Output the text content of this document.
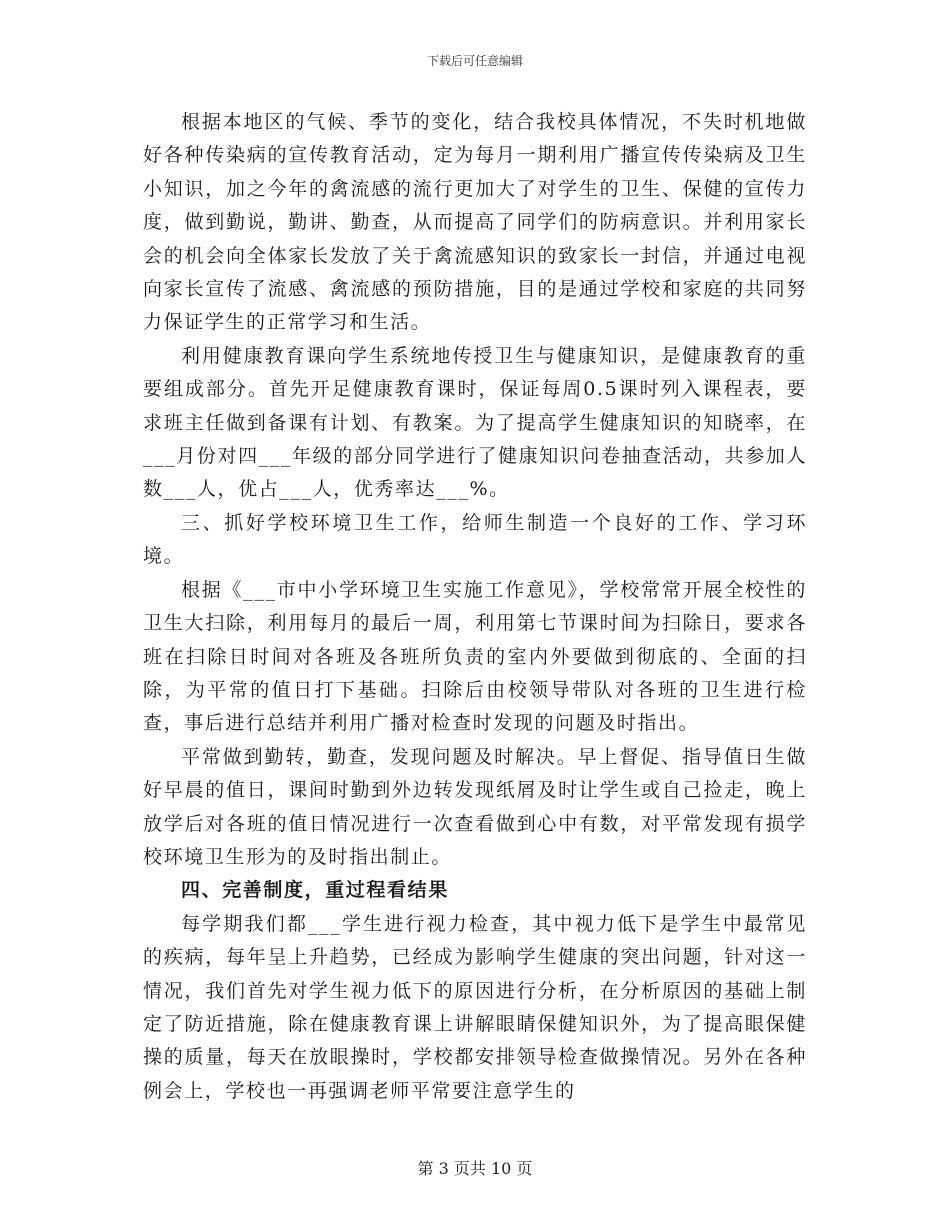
下载后可任意编辑

根据本地区的气候、季节的变化，结合我校具体情况，不失时机地做好各种传染病的宣传教育活动，定为每月一期利用广播宣传传染病及卫生小知识，加之今年的禽流感的流行更加大了对学生的卫生、保健的宣传力度，做到勤说，勤讲、勤查，从而提高了同学们的防病意识。并利用家长会的机会向全体家长发放了关于禽流感知识的致家长一封信，并通过电视向家长宣传了流感、禽流感的预防措施，目的是通过学校和家庭的共同努力保证学生的正常学习和生活。

利用健康教育课向学生系统地传授卫生与健康知识，是健康教育的重要组成部分。首先开足健康教育课时，保证每周0.5课时列入课程表，要求班主任做到备课有计划、有教案。为了提高学生健康知识的知晓率，在___月份对四___年级的部分同学进行了健康知识问卷抽查活动，共参加人数___人，优占___人，优秀率达___%。

三、抓好学校环境卫生工作，给师生制造一个良好的工作、学习环境。

根据《___市中小学环境卫生实施工作意见》，学校常常开展全校性的卫生大扫除，利用每月的最后一周，利用第七节课时间为扫除日，要求各班在扫除日时间对各班及各班所负责的室内外要做到彻底的、全面的扫除，为平常的值日打下基础。扫除后由校领导带队对各班的卫生进行检查，事后进行总结并利用广播对检查时发现的问题及时指出。

平常做到勤转，勤查，发现问题及时解决。早上督促、指导值日生做好早晨的值日，课间时勤到外边转发现纸屑及时让学生或自己捡走，晚上放学后对各班的值日情况进行一次查看做到心中有数，对平常发现有损学校环境卫生形为的及时指出制止。

四、完善制度，重过程看结果

每学期我们都___学生进行视力检查，其中视力低下是学生中最常见的疾病，每年呈上升趋势，已经成为影响学生健康的突出问题，针对这一情况，我们首先对学生视力低下的原因进行分析，在分析原因的基础上制定了防近措施，除在健康教育课上讲解眼睛保健知识外，为了提高眼保健操的质量，每天在放眼操时，学校都安排领导检查做操情况。另外在各种例会上，学校也一再强调老师平常要注意学生的

第 3 页共 10 页
